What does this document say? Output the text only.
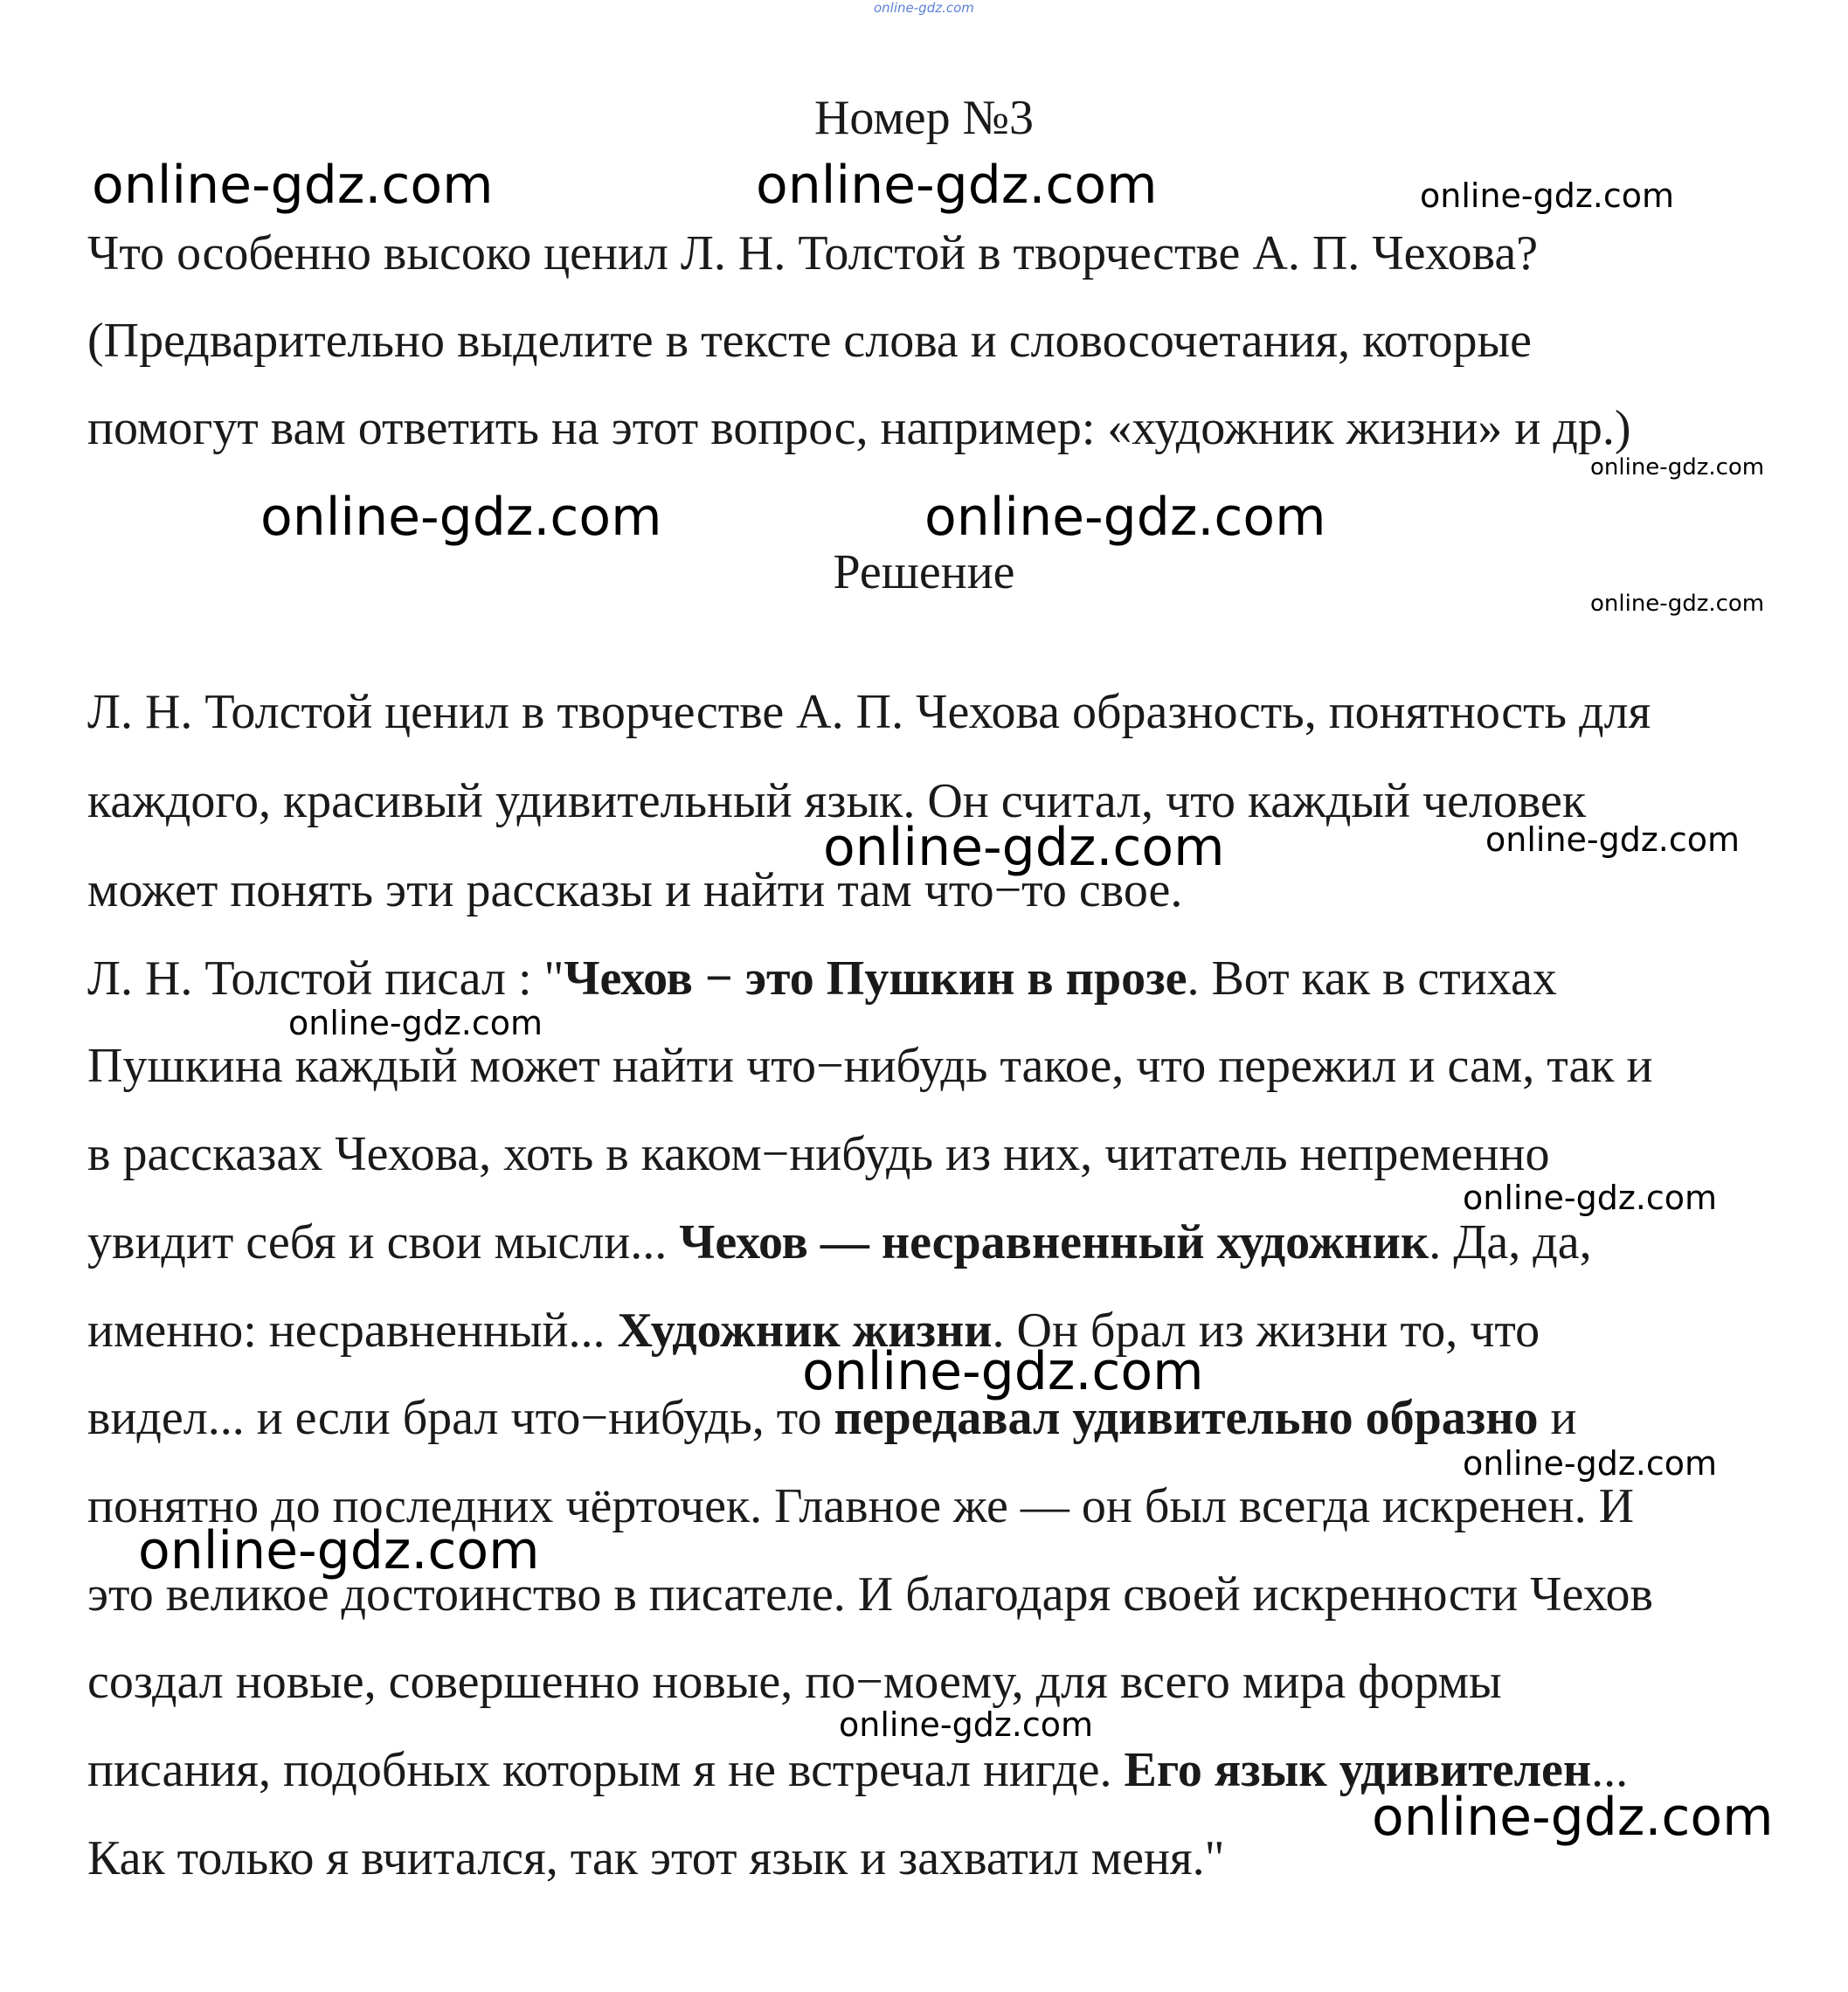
online-gdz.com
Номер №3
online-gdz.com	online-gdz.com	online-gdz.com
Что особенно высоко ценил Л. Н. Толстой в творчестве А. П. Чехова?
(Предварительно выделите в тексте слова и словосочетания, которые
помогут вам ответить на этот вопрос, например: «художник жизни» и др.)
online-gdz.com
online-gdz.com	online-gdz.com
Решение
online-gdz.com
Л. Н. Толстой ценил в творчестве А. П. Чехова образность, понятность для
каждого, красивый удивительный язык. Он считал, что каждый человек
online-gdz.com	online-gdz.com
может понять эти рассказы и найти там что−то свое.
Л. Н. Толстой писал : "Чехов − это Пушкин в прозе. Вот как в стихах
online-gdz.com
Пушкина каждый может найти что−нибудь такое, что пережил и сам, так и
в рассказах Чехова, хоть в каком−нибудь из них, читатель непременно
online-gdz.com
увидит себя и свои мысли... Чехов — несравненный художник. Да, да,
именно: несравненный... Художник жизни. Он брал из жизни то, что
online-gdz.com
видел... и если брал что−нибудь, то передавал удивительно образно и
online-gdz.com
понятно до последних чёрточек. Главное же — он был всегда искренен. И
online-gdz.com
это великое достоинство в писателе. И благодаря своей искренности Чехов
создал новые, совершенно новые, по−моему, для всего мира формы
online-gdz.com
писания, подобных которым я не встречал нигде. Его язык удивителен...
online-gdz.com
Как только я вчитался, так этот язык и захватил меня."
